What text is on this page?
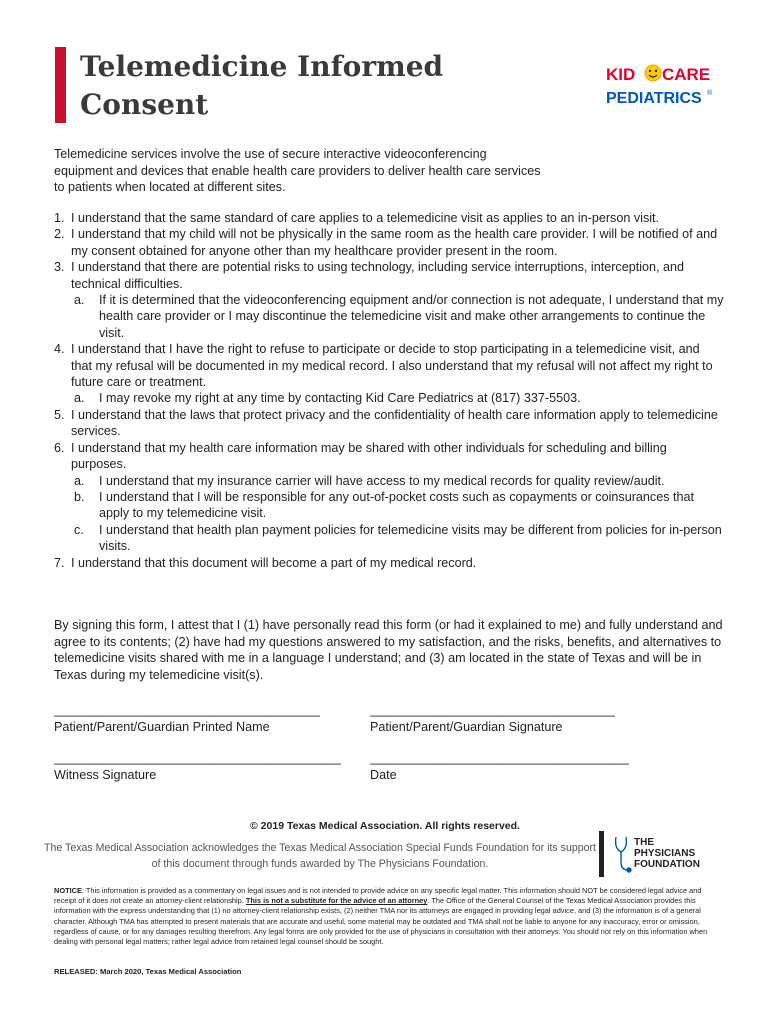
Telemedicine Informed
Consent
KID CARE
PEDIATRICS ®

Telemedicine services involve the use of secure interactive videoconferencing equipment and devices that enable health care providers to deliver health care services to patients when located at different sites.

1. I understand that the same standard of care applies to a telemedicine visit as applies to an in-person visit.
2. I understand that my child will not be physically in the same room as the health care provider. I will be notified of and my consent obtained for anyone other than my healthcare provider present in the room.
3. I understand that there are potential risks to using technology, including service interruptions, interception, and technical difficulties.
a. If it is determined that the videoconferencing equipment and/or connection is not adequate, I understand that my health care provider or I may discontinue the telemedicine visit and make other arrangements to continue the visit.
4. I understand that I have the right to refuse to participate or decide to stop participating in a telemedicine visit, and that my refusal will be documented in my medical record. I also understand that my refusal will not affect my right to future care or treatment.
a. I may revoke my right at any time by contacting Kid Care Pediatrics at (817) 337-5503.
5. I understand that the laws that protect privacy and the confidentiality of health care information apply to telemedicine services.
6. I understand that my health care information may be shared with other individuals for scheduling and billing purposes.
a. I understand that my insurance carrier will have access to my medical records for quality review/audit.
b. I understand that I will be responsible for any out-of-pocket costs such as copayments or coinsurances that apply to my telemedicine visit.
c. I understand that health plan payment policies for telemedicine visits may be different from policies for in-person visits.
7. I understand that this document will become a part of my medical record.

By signing this form, I attest that I (1) have personally read this form (or had it explained to me) and fully understand and agree to its contents; (2) have had my questions answered to my satisfaction, and the risks, benefits, and alternatives to telemedicine visits shared with me in a language I understand; and (3) am located in the state of Texas and will be in Texas during my telemedicine visit(s).

______________________________________
Patient/Parent/Guardian Printed Name
___________________________________
Patient/Parent/Guardian Signature
_________________________________________
Witness Signature
_____________________________________
Date
© 2019 Texas Medical Association. All rights reserved.

The Texas Medical Association acknowledges the Texas Medical Association Special Funds Foundation for its support of this document through funds awarded by The Physicians Foundation.

THE
PHYSICIANS
FOUNDATION

NOTICE: This information is provided as a commentary on legal issues and is not intended to provide advice on any specific legal matter. This information should NOT be considered legal advice and receipt of it does not create an attorney-client relationship. This is not a substitute for the advice of an attorney. The Office of the General Counsel of the Texas Medical Association provides this information with the express understanding that (1) no attorney-client relationship exists, (2) neither TMA nor its attorneys are engaged in providing legal advice, and (3) the information is of a general character. Although TMA has attempted to present materials that are accurate and useful, some material may be outdated and TMA shall not be liable to anyone for any inaccuracy, error or omission, regardless of cause, or for any damages resulting therefrom. Any legal forms are only provided for the use of physicians in consultation with their attorneys. You should not rely on this information when dealing with personal legal matters; rather legal advice from retained legal counsel should be sought.

RELEASED: March 2020, Texas Medical Association
